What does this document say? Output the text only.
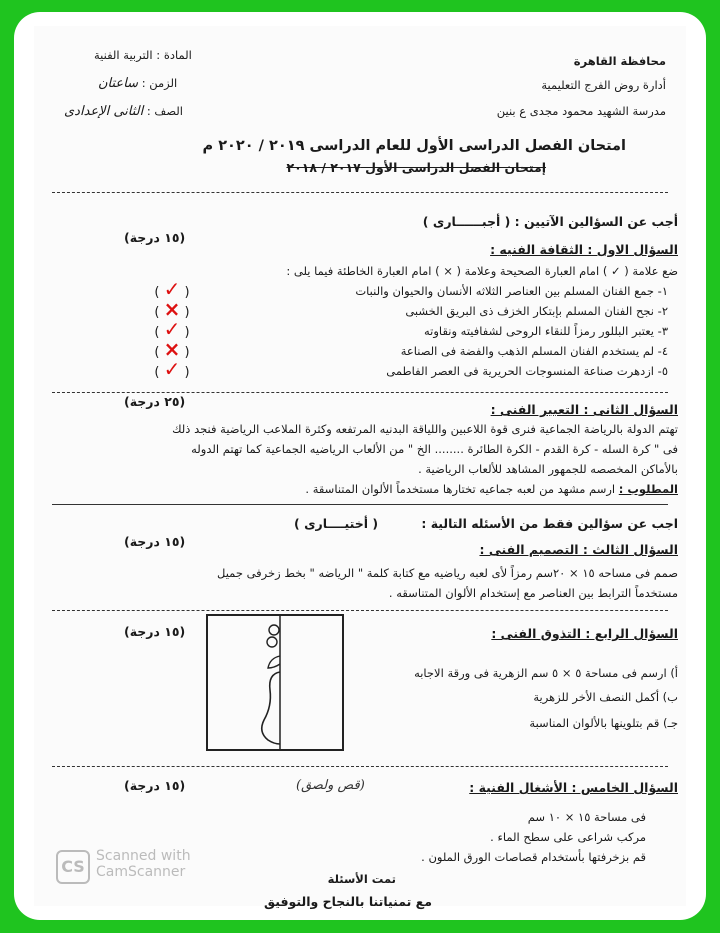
محافظة القاهرة
أدارة روض الفرج التعليمية
مدرسة الشهيد محمود مجدى ع بنين
المادة : التربية الفنية
الزمن : ساعتان
الصف : الثانى الإعدادى
امتحان الفصل الدراسى الأول للعام الدراسى ٢٠١٩ / ٢٠٢٠ م
إمتحان الفصل الدراسى الأول ٢٠١٧ / ٢٠١٨
أجب عن السؤالين الآتيين : ( أجبــــــارى )
السؤال الاول : الثقافة الفنيه :
(١٥ درجة)
ضع علامة ( ✓ ) امام العبارة الصحيحة وعلامة ( × ) امام العبارة الخاطئة فيما يلى :
١- جمع الفنان المسلم بين العناصر الثلاثه الأنسان والحيوان والنبات
٢- نجح الفنان المسلم بإبتكار الخزف ذى البريق الخشبى
٣- يعتبر البللور رمزاً للنقاء الروحى لشفافيته ونقاوته
٤- لم يستخدم الفنان المسلم الذهب والفضة فى الصناعة
٥- ازدهرت صناعة المنسوجات الحريرية فى العصر الفاطمى
( ✓ )
( × )
( ✓ )
( × )
( ✓ )
السؤال الثانى : التعبير الفنى :
(٢٥ درجة)
تهتم الدولة بالرياضة الجماعية فنرى قوة اللاعبين واللياقة البدنيه المرتفعه وكثرة الملاعب الرياضية فنجد ذلك
فى " كرة السله - كرة القدم - الكرة الطائرة ........ الخ " من الألعاب الرياضيه الجماعية كما تهتم الدوله
بالأماكن المخصصه للجمهور المشاهد للألعاب الرياضية .
المطلوب : ارسم مشهد من لعبه جماعيه تختارها مستخدماً الألوان المتناسقة .
اجب عن سؤالين فقط من الأسئله التالية :
( أختيــــارى )
السؤال الثالث : التصميم الفنى :
(١٥ درجة)
صمم فى مساحه ١٥ × ٢٠سم رمزاً لأى لعبه رياضيه مع كتابة كلمة " الرياضه " بخط زخرفى جميل
مستخدماً الترابط بين العناصر مع إستخدام الألوان المتناسقه .
السؤال الرابع : التذوق الفنى :
(١٥ درجة)
أ) ارسم فى مساحة ٥ × ٥ سم الزهرية فى ورقة الاجابه
ب) أكمل النصف الأخر للزهرية
جـ) قم بتلوينها بالألوان المناسبة
السؤال الخامس : الأشغال الفنية :
(قص ولصق)
(١٥ درجة)
فى مساحة ١٥ × ١٠ سم
مركب شراعى على سطح الماء .
قم بزخرفتها بأستخدام قصاصات الورق الملون .
تمت الأسئلة
مع تمنياتنا بالنجاح والتوفيق
CS
Scanned with
CamScanner
